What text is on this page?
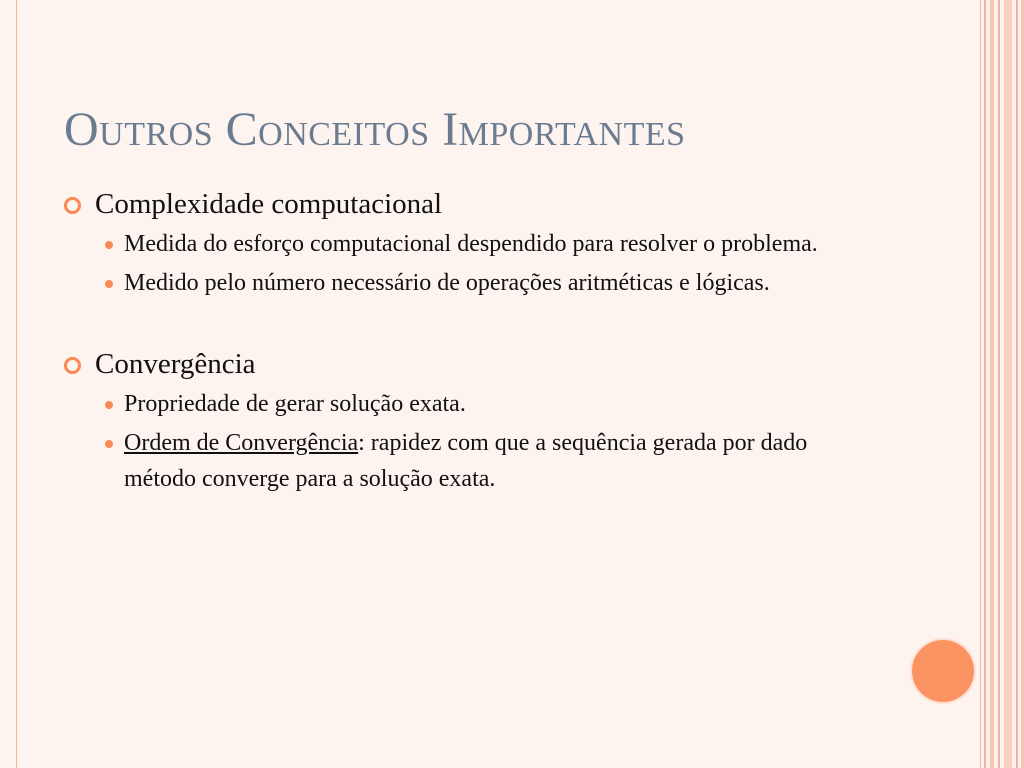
Outros Conceitos Importantes
Complexidade computacional
Medida do esforço computacional despendido para resolver o problema.
Medido pelo número necessário de operações aritméticas e lógicas.
Convergência
Propriedade de gerar solução exata.
Ordem de Convergência: rapidez com que a sequência gerada por dado método converge para a solução exata.
